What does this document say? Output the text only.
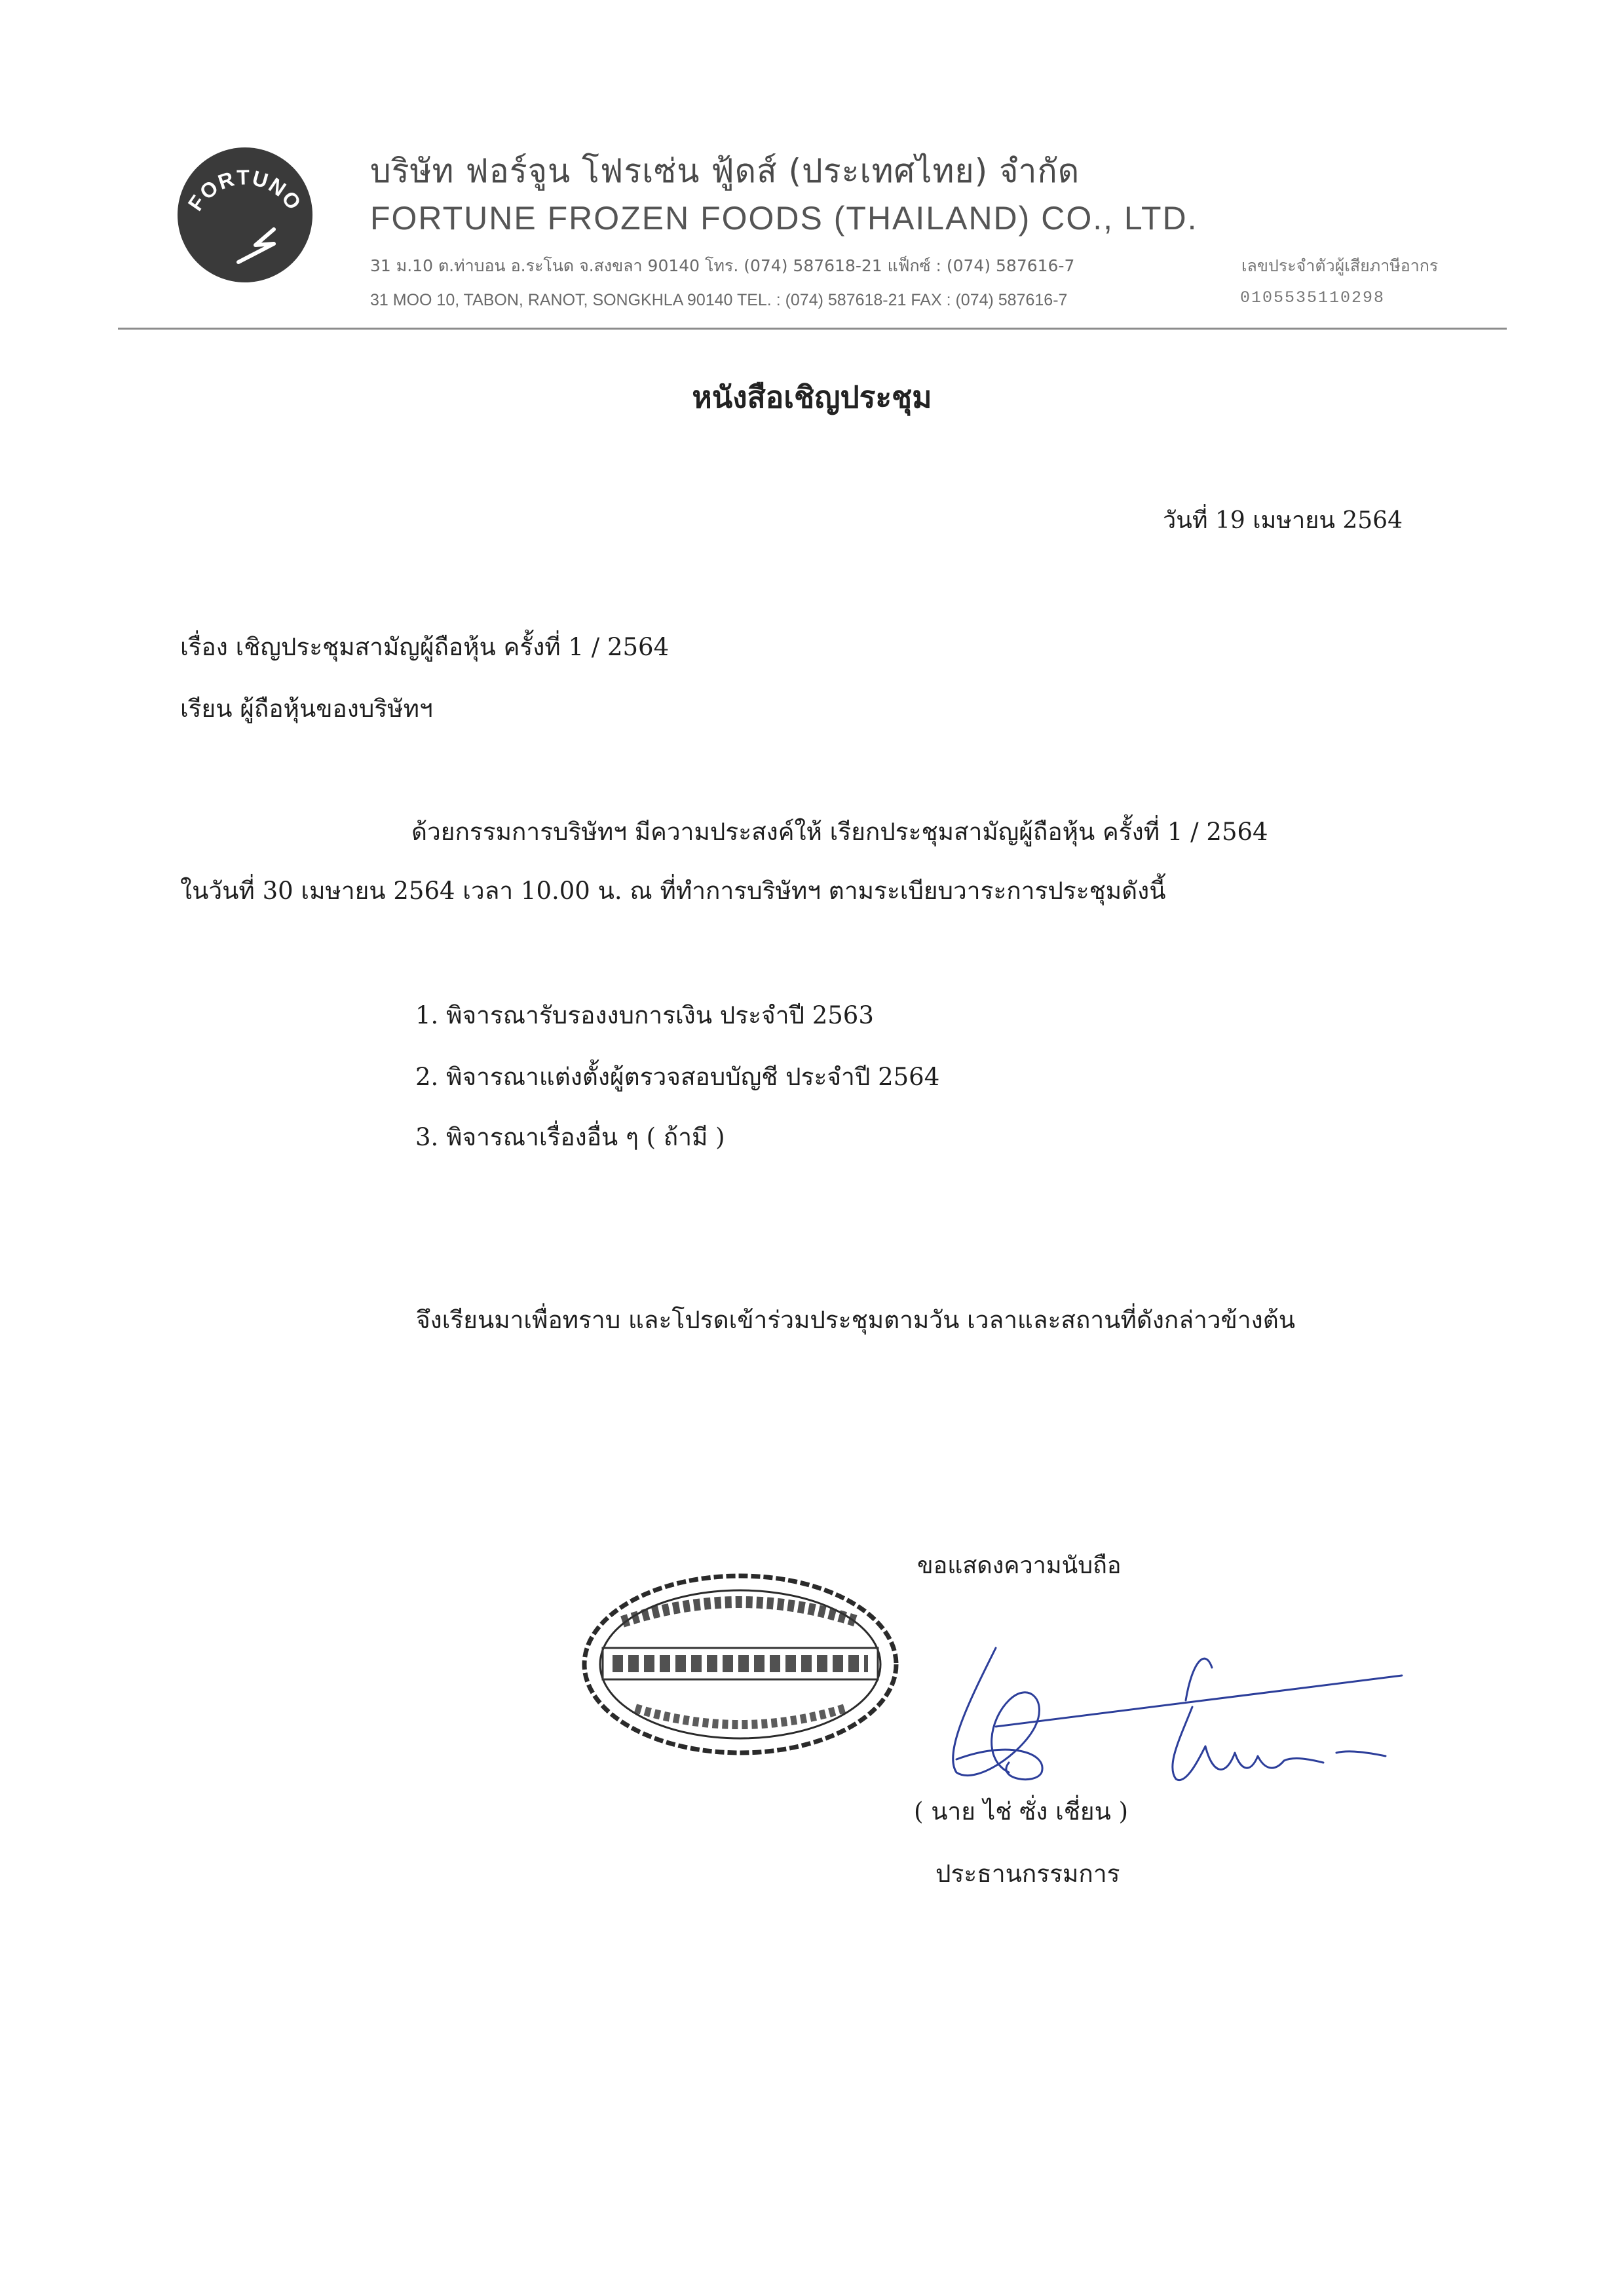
FORTUNO
บริษัท ฟอร์จูน โฟรเซ่น ฟู้ดส์ (ประเทศไทย) จำกัด
FORTUNE FROZEN FOODS (THAILAND) CO., LTD.
31 ม.10 ต.ท่าบอน อ.ระโนด จ.สงขลา 90140 โทร. (074) 587618-21 แฟ็กซ์ : (074) 587616-7
31 MOO 10, TABON, RANOT, SONGKHLA 90140 TEL. : (074) 587618-21 FAX : (074) 587616-7
เลขประจำตัวผู้เสียภาษีอากร
0105535110298
หนังสือเชิญประชุม
วันที่ 19 เมษายน 2564
เรื่อง เชิญประชุมสามัญผู้ถือหุ้น ครั้งที่ 1 / 2564
เรียน ผู้ถือหุ้นของบริษัทฯ
ด้วยกรรมการบริษัทฯ มีความประสงค์ให้ เรียกประชุมสามัญผู้ถือหุ้น ครั้งที่ 1 / 2564
ในวันที่ 30 เมษายน 2564 เวลา 10.00 น. ณ ที่ทำการบริษัทฯ ตามระเบียบวาระการประชุมดังนี้
1. พิจารณารับรองงบการเงิน ประจำปี 2563
2. พิจารณาแต่งตั้งผู้ตรวจสอบบัญชี ประจำปี 2564
3. พิจารณาเรื่องอื่น ๆ ( ถ้ามี )
จึงเรียนมาเพื่อทราบ และโปรดเข้าร่วมประชุมตามวัน เวลาและสถานที่ดังกล่าวข้างต้น
ขอแสดงความนับถือ
( นาย ไช่ ซั่ง เชี่ยน )
ประธานกรรมการ
